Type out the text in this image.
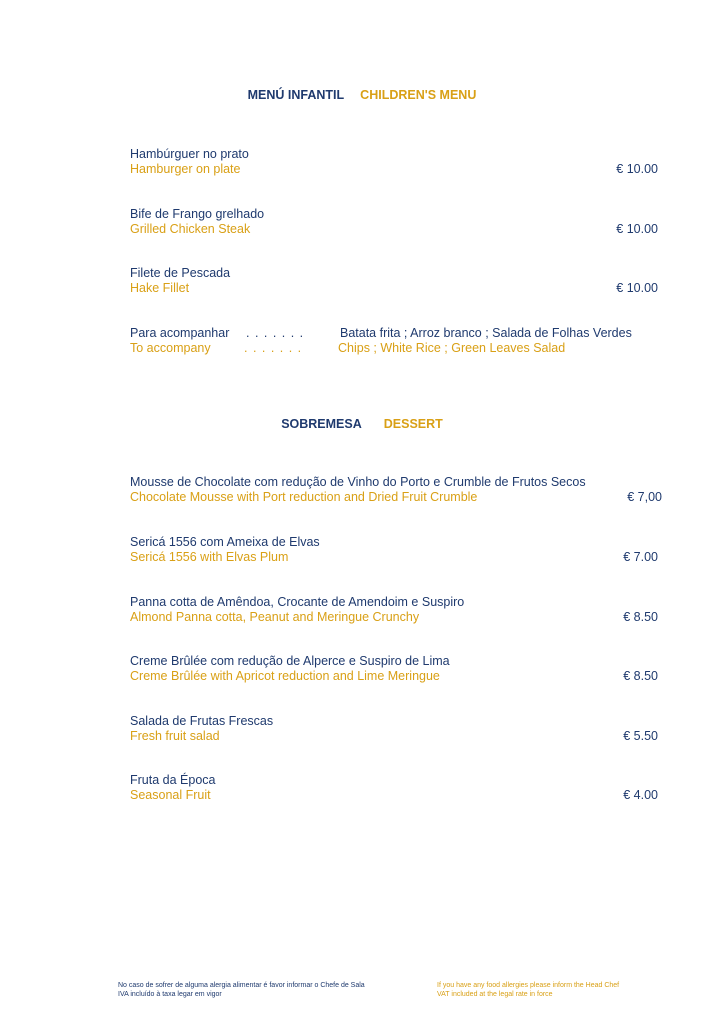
MENÚ INFANTIL CHILDREN'S MENU
Hambúrguer no prato
Hamburger on plate	€ 10.00
Bife de Frango grelhado
Grilled Chicken Steak	€ 10.00
Filete de Pescada
Hake Fillet	€ 10.00
Para acompanhar . . . . . . .	Batata frita ; Arroz branco ; Salada de Folhas Verdes
To accompany	. . . . . . .	Chips ; White Rice ; Green Leaves Salad
SOBREMESA DESSERT
Mousse de Chocolate com redução de Vinho do Porto e Crumble de Frutos Secos
Chocolate Mousse with Port reduction and Dried Fruit Crumble	€ 7,00
Sericá 1556 com Ameixa de Elvas
Sericá 1556 with Elvas Plum	€ 7.00
Panna cotta de Amêndoa, Crocante de Amendoim e Suspiro
Almond Panna cotta, Peanut and Meringue Crunchy	€ 8.50
Creme Brûlée com redução de Alperce e Suspiro de Lima
Creme Brûlée with Apricot reduction and Lime Meringue	€ 8.50
Salada de Frutas Frescas
Fresh fruit salad	€ 5.50
Fruta da Época
Seasonal Fruit	€ 4.00
No caso de sofrer de alguma alergia alimentar é favor informar o Chefe de Sala
IVA incluído à taxa legar em vigor
If you have any food allergies please inform the Head Chef
VAT included at the legal rate in force
